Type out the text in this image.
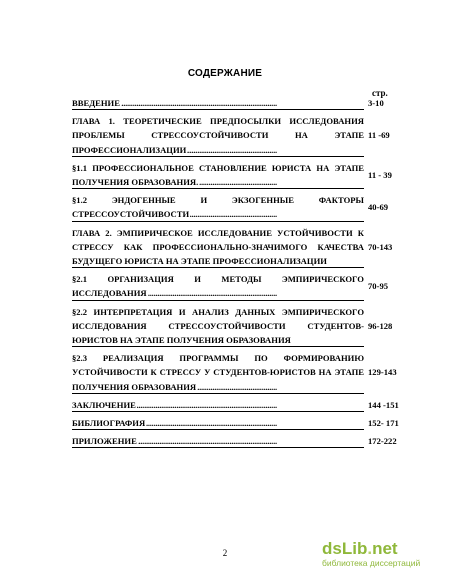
СОДЕРЖАНИЕ
стр.
ВВЕДЕНИЕ . . .	3-10
ГЛАВА 1. ТЕОРЕТИЧЕСКИЕ ПРЕДПОСЫЛКИ ИССЛЕДОВАНИЯ
ПРОБЛЕМЫ СТРЕССОУСТОЙЧИВОСТИ НА ЭТАПЕ
ПРОФЕССИОНАЛИЗАЦИИ . . .
11 -69
§1.1 ПРОФЕССИОНАЛЬНОЕ СТАНОВЛЕНИЕ ЮРИСТА НА ЭТАПЕ
ПОЛУЧЕНИЯ ОБРАЗОВАНИЯ. . . .
11 - 39
§1.2 ЭНДОГЕННЫЕ И ЭКЗОГЕННЫЕ ФАКТОРЫ
СТРЕССОУСТОЙЧИВОСТИ . . .
40-69
ГЛАВА 2. ЭМПИРИЧЕСКОЕ ИССЛЕДОВАНИЕ УСТОЙЧИВОСТИ К
СТРЕССУ КАК ПРОФЕССИОНАЛЬНО-ЗНАЧИМОГО КАЧЕСТВА
БУДУЩЕГО ЮРИСТА НА ЭТАПЕ ПРОФЕССИОНАЛИЗАЦИИ . . .
70-143
§2.1 ОРГАНИЗАЦИЯ И МЕТОДЫ ЭМПИРИЧЕСКОГО
ИССЛЕДОВАНИЯ . . .
70-95
§2.2 ИНТЕРПРЕТАЦИЯ И АНАЛИЗ ДАННЫХ ЭМПИРИЧЕСКОГО
ИССЛЕДОВАНИЯ СТРЕССОУСТОЙЧИВОСТИ СТУДЕНТОВ-
ЮРИСТОВ НА ЭТАПЕ ПОЛУЧЕНИЯ ОБРАЗОВАНИЯ . . .
96-128
§2.3 РЕАЛИЗАЦИЯ ПРОГРАММЫ ПО ФОРМИРОВАНИЮ
УСТОЙЧИВОСТИ К СТРЕССУ У СТУДЕНТОВ-ЮРИСТОВ НА ЭТАПЕ
ПОЛУЧЕНИЯ ОБРАЗОВАНИЯ . . .
129-143
ЗАКЛЮЧЕНИЕ . . .	144 -151
БИБЛИОГРАФИЯ . . .	152- 171
ПРИЛОЖЕНИЕ . . .	172-222
2	dsLib.net
библиотека диссертаций
